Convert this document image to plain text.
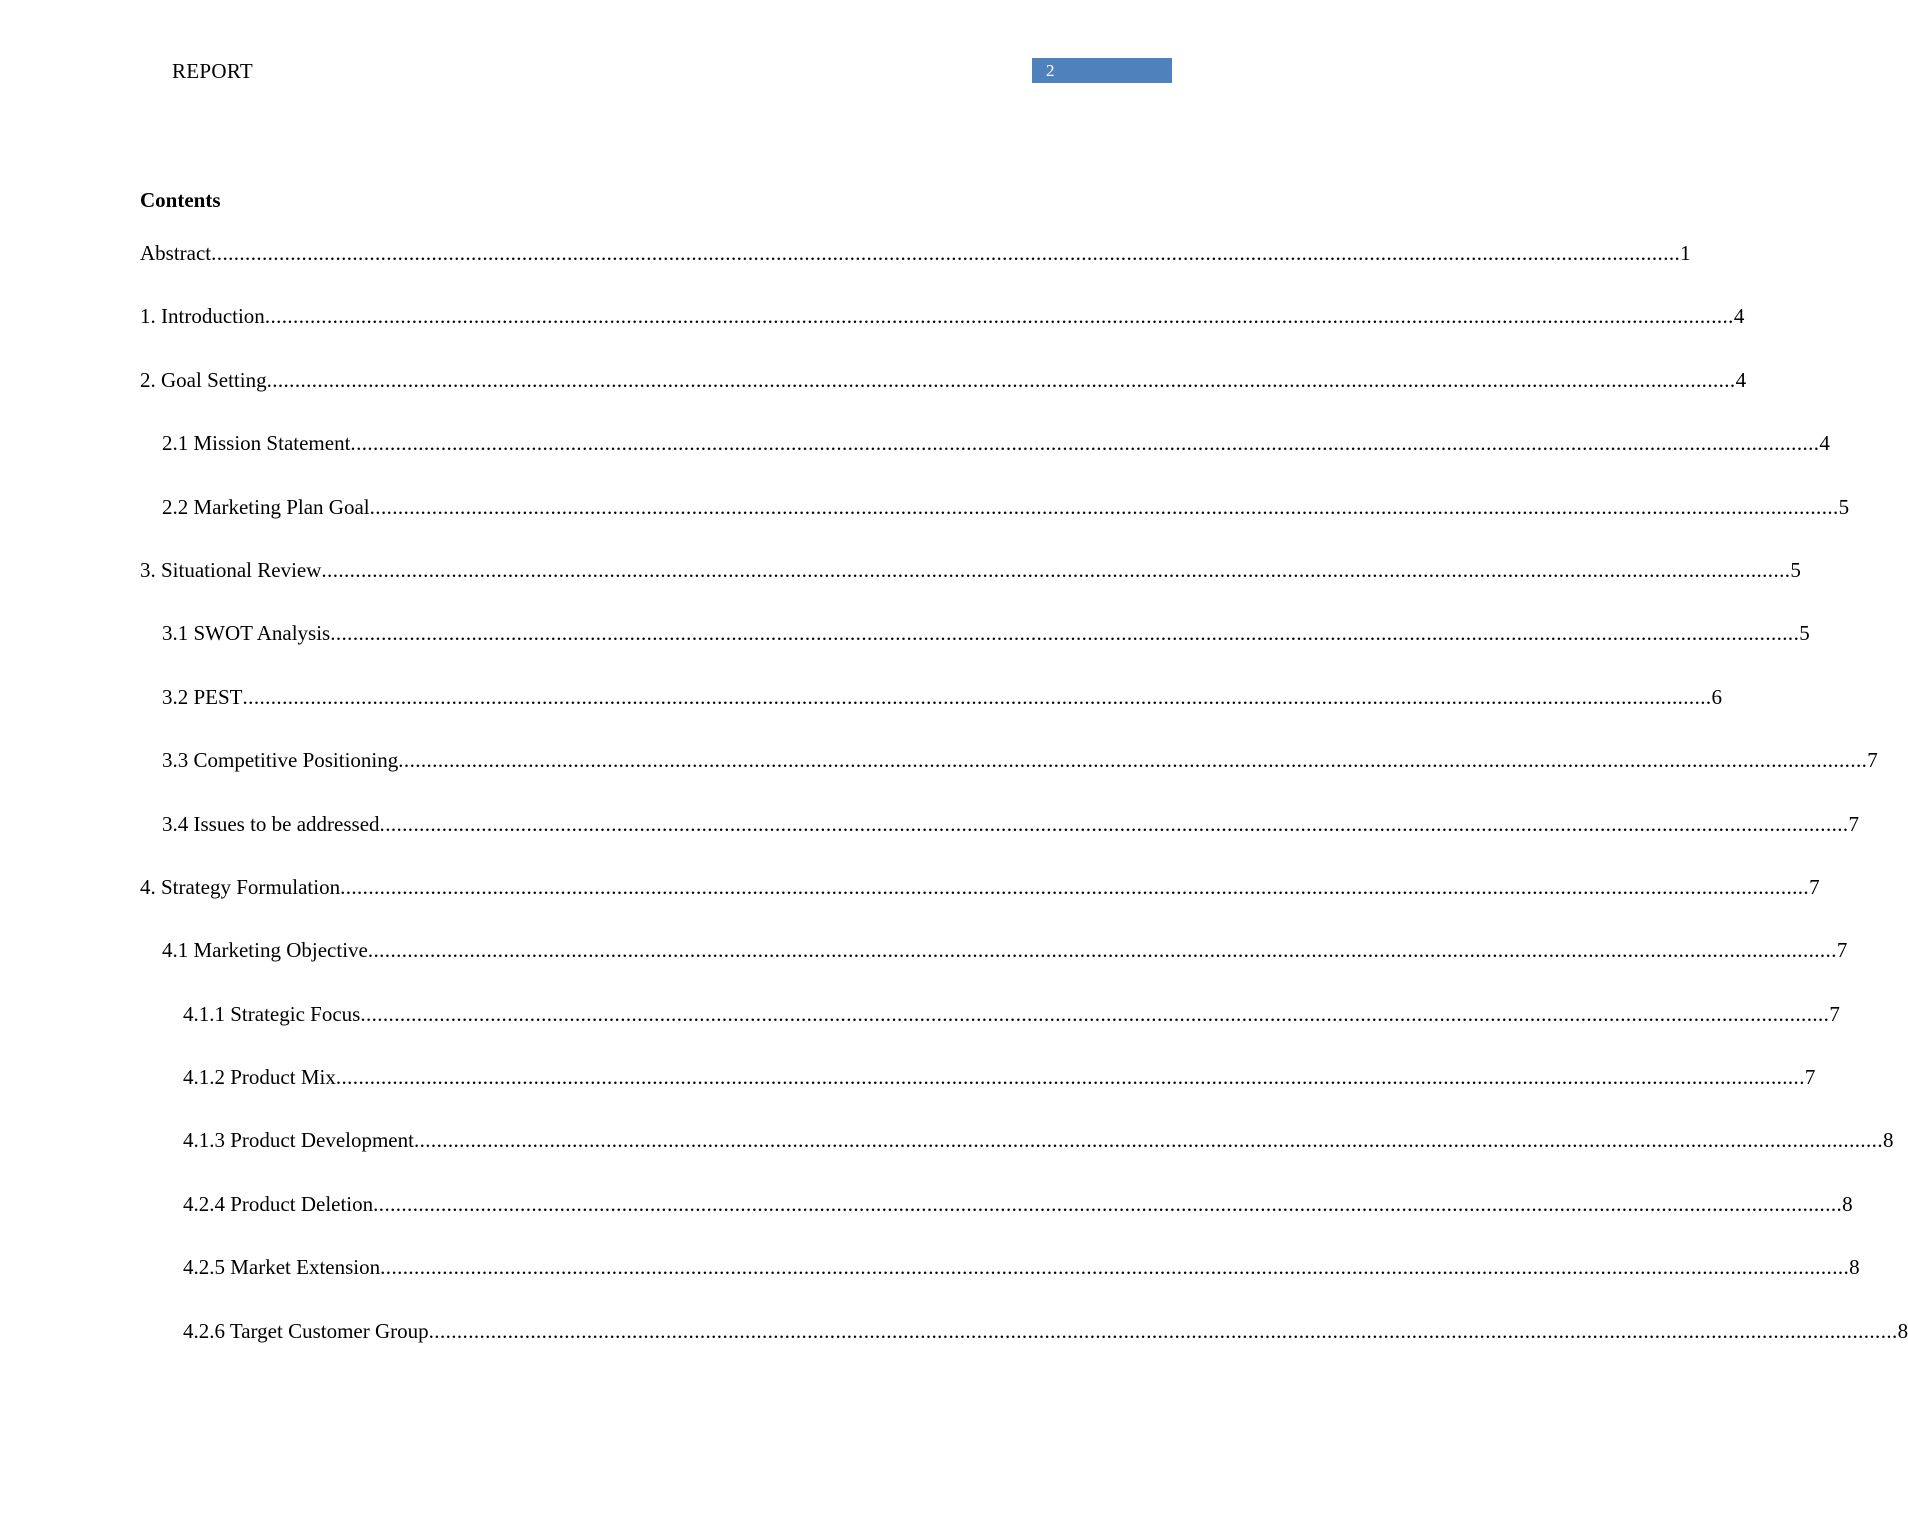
REPORT	2
Contents
Abstract .................................................................................................................................................................................................................................................................... 1
1. Introduction .................................................................................................................................................................................................................................................................... 4
2. Goal Setting .................................................................................................................................................................................................................................................................... 4
2.1 Mission Statement .................................................................................................................................................................................................................................................................... 4
2.2 Marketing Plan Goal .................................................................................................................................................................................................................................................................... 5
3. Situational Review .................................................................................................................................................................................................................................................................... 5
3.1 SWOT Analysis .................................................................................................................................................................................................................................................................... 5
3.2 PEST .................................................................................................................................................................................................................................................................... 6
3.3 Competitive Positioning .................................................................................................................................................................................................................................................................... 7
3.4 Issues to be addressed .................................................................................................................................................................................................................................................................... 7
4. Strategy Formulation .................................................................................................................................................................................................................................................................... 7
4.1 Marketing Objective .................................................................................................................................................................................................................................................................... 7
4.1.1 Strategic Focus .................................................................................................................................................................................................................................................................... 7
4.1.2 Product Mix .................................................................................................................................................................................................................................................................... 7
4.1.3 Product Development .................................................................................................................................................................................................................................................................... 8
4.2.4 Product Deletion .................................................................................................................................................................................................................................................................... 8
4.2.5 Market Extension .................................................................................................................................................................................................................................................................... 8
4.2.6 Target Customer Group .................................................................................................................................................................................................................................................................... 8
